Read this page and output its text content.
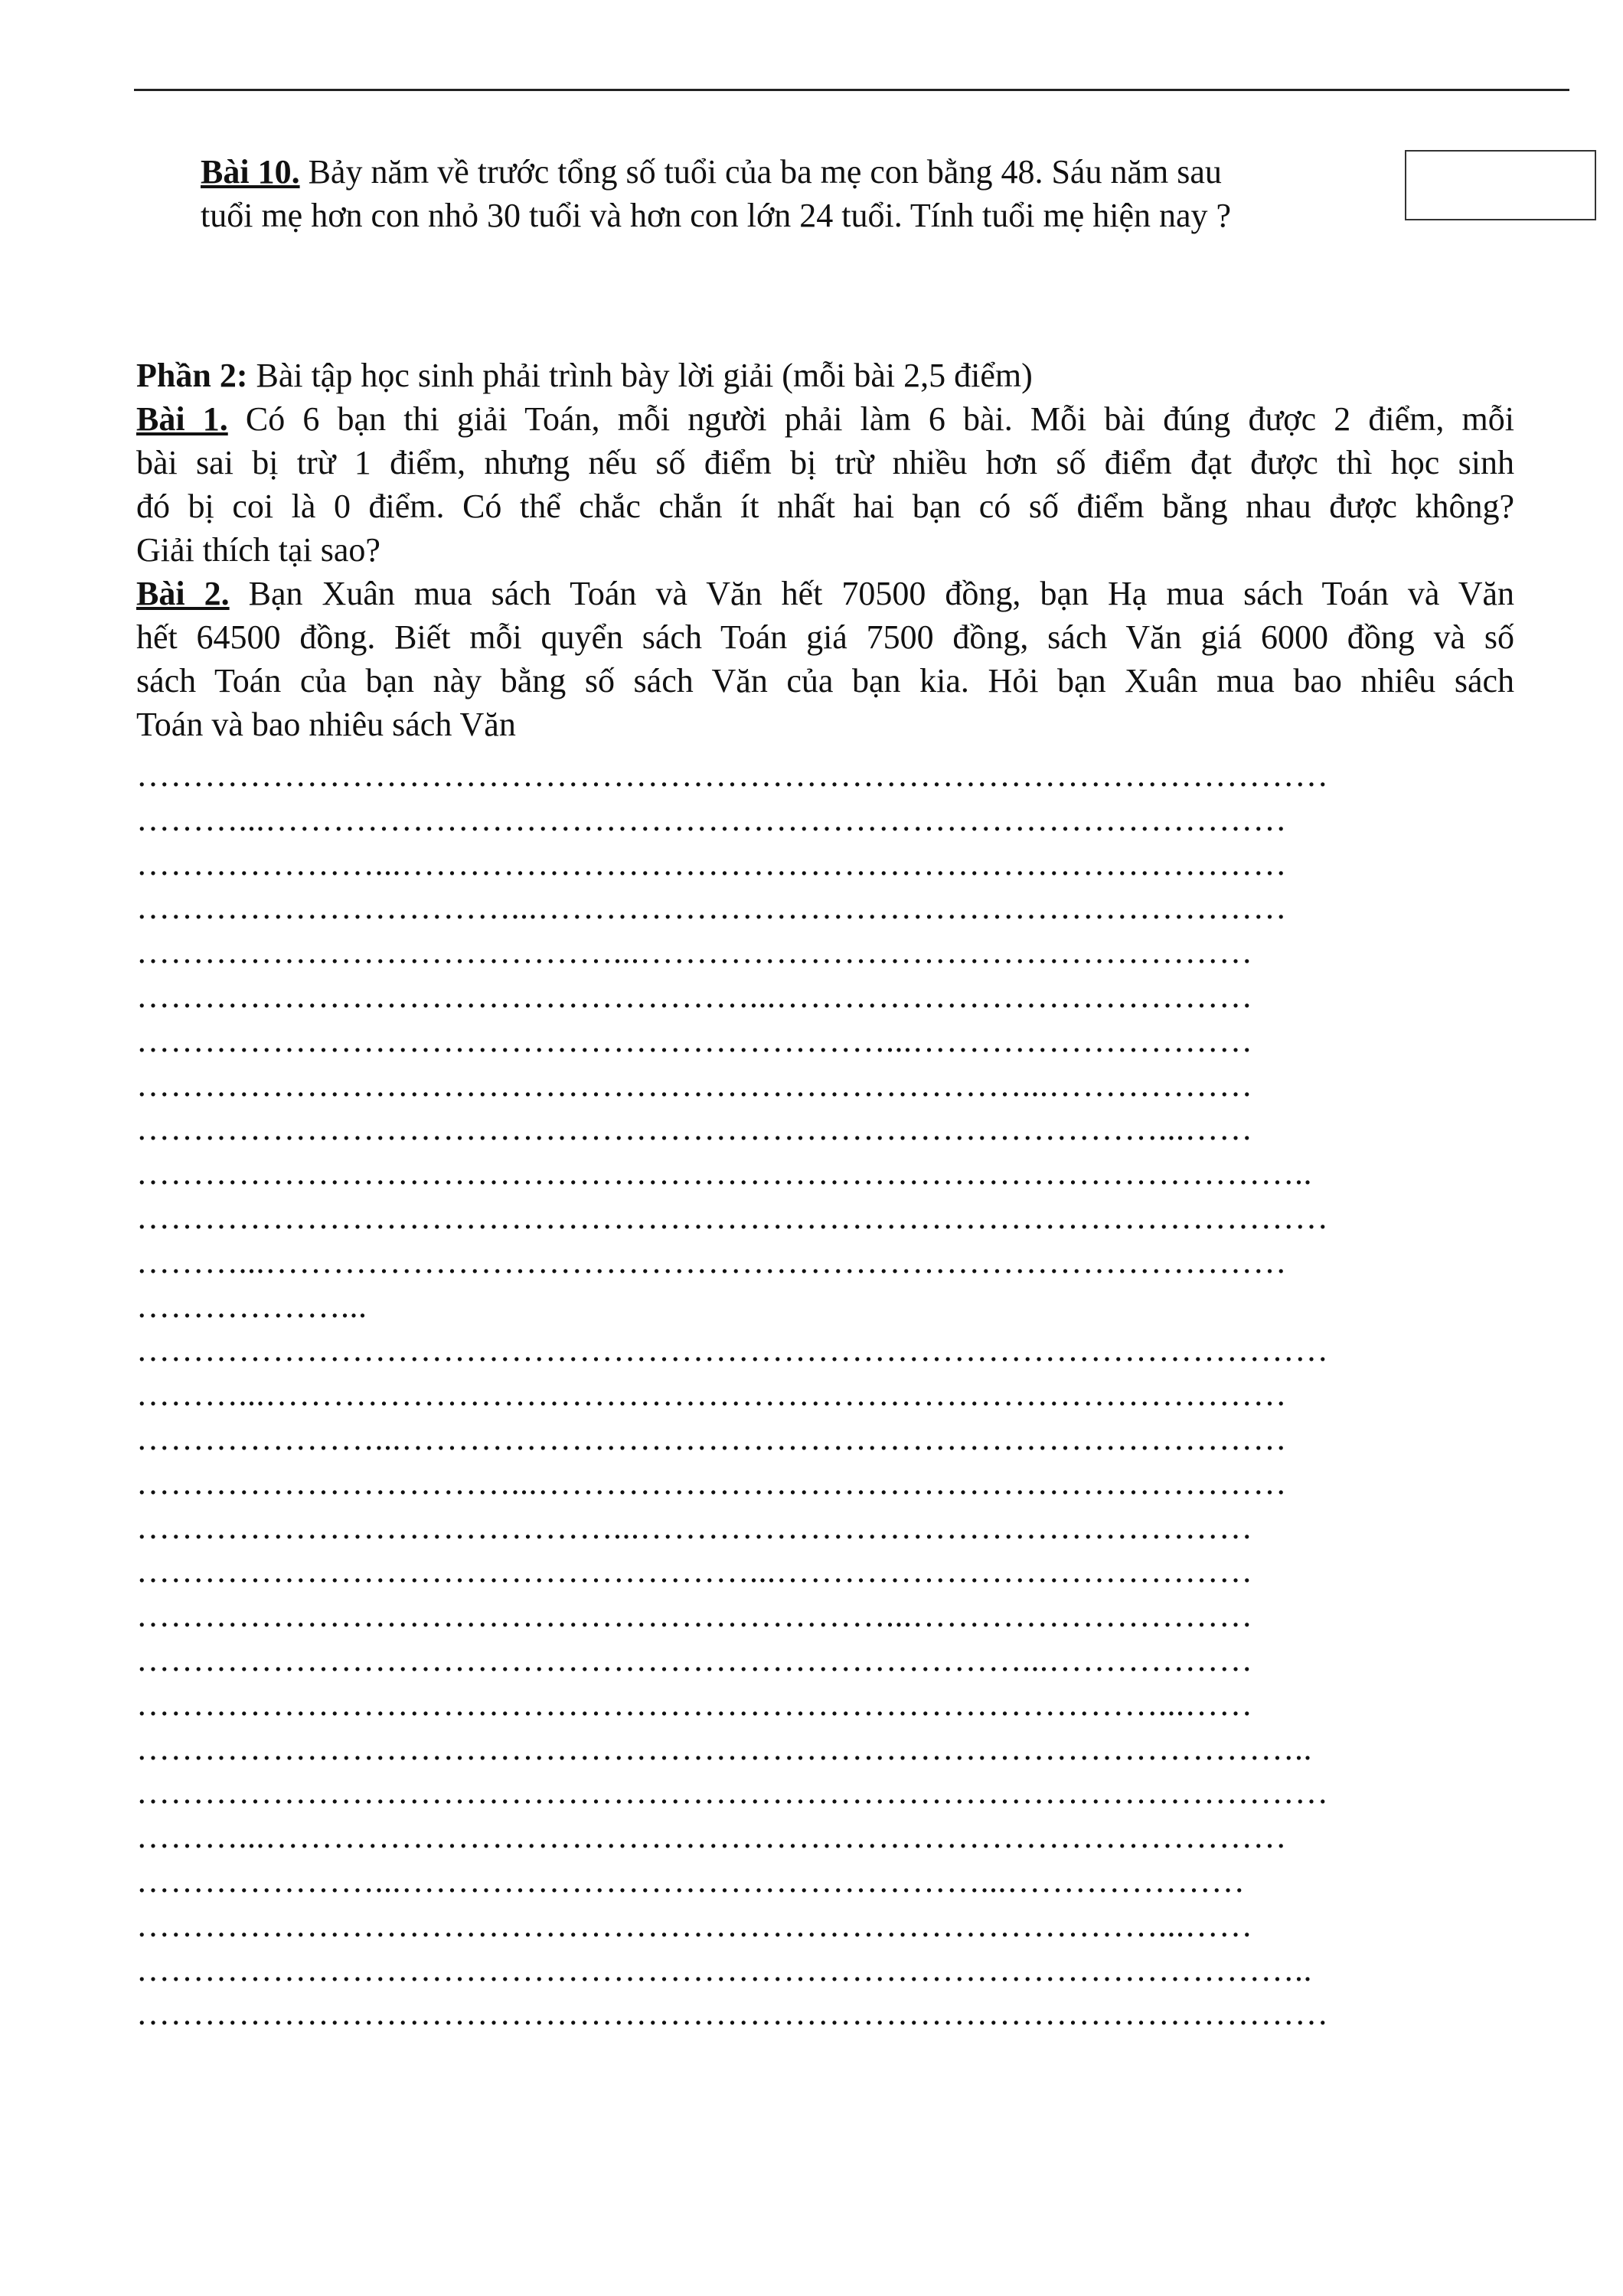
Bài 10. Bảy năm về trước tổng số tuổi của ba mẹ con bằng 48. Sáu năm sau
tuổi mẹ hơn con nhỏ 30 tuổi và hơn con lớn 24 tuổi. Tính tuổi mẹ hiện nay ?
Phần 2: Bài tập học sinh phải trình bày lời giải (mỗi bài 2,5 điểm)
Bài 1. Có 6 bạn thi giải Toán, mỗi người phải làm 6 bài. Mỗi bài đúng được 2 điểm, mỗi
bài sai bị trừ 1 điểm, nhưng nếu số điểm bị trừ nhiều hơn số điểm đạt được thì học sinh
đó bị coi là 0 điểm. Có thể chắc chắn ít nhất hai bạn có số điểm bằng nhau được không?
Giải thích tại sao?
Bài 2. Bạn Xuân mua sách Toán và Văn hết 70500 đồng, bạn Hạ mua sách Toán và Văn
hết 64500 đồng. Biết mỗi quyển sách Toán giá 7500 đồng, sách Văn giá 6000 đồng và số
sách Toán của bạn này bằng số sách Văn của bạn kia. Hỏi bạn Xuân mua bao nhiêu sách
Toán và bao nhiêu sách Văn
……………………………………………………………………………………………
………...………………………………………………………………………………
…………………...……………………………………………………………………
……………………………...…………………………………………………………
……………………………………...………………………………………………
………………………………………………...……………………………………
…………………………………………………………...…………………………
……………………………………………………………………...………………
………………………………………………………………………………...……
…………………………………………………………………………………………..
……………………………………………………………………………………………
………...………………………………………………………………………………
………………...
……………………………………………………………………………………………
………...………………………………………………………………………………
…………………...……………………………………………………………………
……………………………...…………………………………………………………
……………………………………...………………………………………………
………………………………………………...……………………………………
…………………………………………………………...…………………………
……………………………………………………………………...………………
………………………………………………………………………………...……
…………………………………………………………………………………………..
……………………………………………………………………………………………
………...………………………………………………………………………………
…………………...……………………………………………...…………………
………………………………………………………………………………...……
…………………………………………………………………………………………..
……………………………………………………………………………………………
